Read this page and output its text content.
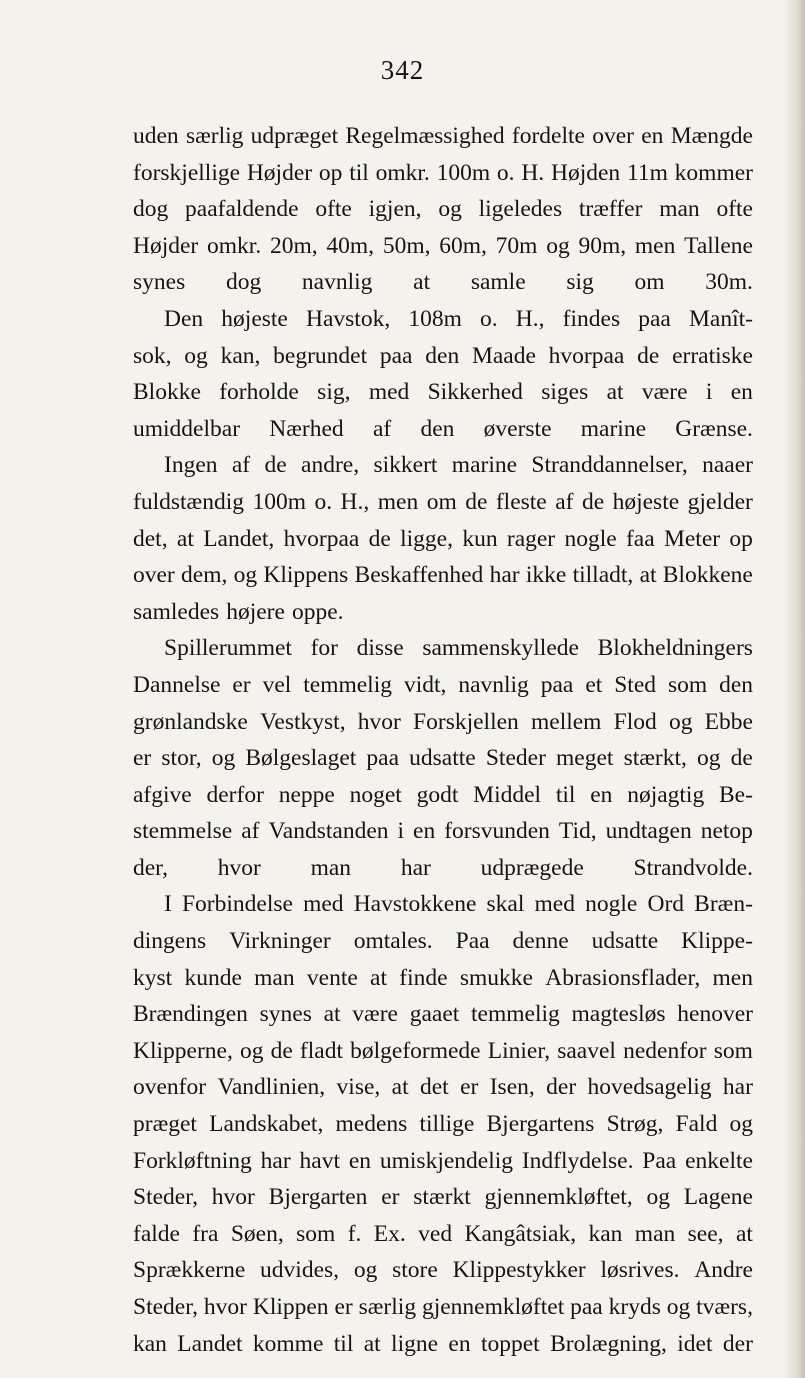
342
uden særlig udpræget Regelmæssighed fordelte over en Mængde
forskjellige Højder op til omkr. 100m o. H. Højden 11m kommer
dog paafaldende ofte igjen, og ligeledes træffer man ofte
Højder omkr. 20m, 40m, 50m, 60m, 70m og 90m, men Tallene
synes dog navnlig at samle sig om 30m.
Den højeste Havstok, 108m o. H., findes paa Manît-
sok, og kan, begrundet paa den Maade hvorpaa de erratiske
Blokke forholde sig, med Sikkerhed siges at være i en
umiddelbar Nærhed af den øverste marine Grænse.
Ingen af de andre, sikkert marine Stranddannelser, naaer
fuldstændig 100m o. H., men om de fleste af de højeste gjelder
det, at Landet, hvorpaa de ligge, kun rager nogle faa Meter op
over dem, og Klippens Beskaffenhed har ikke tilladt, at Blokkene
samledes højere oppe.
Spillerummet for disse sammenskyllede Blokheldningers
Dannelse er vel temmelig vidt, navnlig paa et Sted som den
grønlandske Vestkyst, hvor Forskjellen mellem Flod og Ebbe
er stor, og Bølgeslaget paa udsatte Steder meget stærkt, og de
afgive derfor neppe noget godt Middel til en nøjagtig Be-
stemmelse af Vandstanden i en forsvunden Tid, undtagen netop
der, hvor man har udprægede Strandvolde.
I Forbindelse med Havstokkene skal med nogle Ord Bræn-
dingens Virkninger omtales. Paa denne udsatte Klippe-
kyst kunde man vente at finde smukke Abrasionsflader, men
Brændingen synes at være gaaet temmelig magtesløs henover
Klipperne, og de fladt bølgeformede Linier, saavel nedenfor som
ovenfor Vandlinien, vise, at det er Isen, der hovedsagelig har
præget Landskabet, medens tillige Bjergartens Strøg, Fald og
Forkløftning har havt en umiskjendelig Indflydelse. Paa enkelte
Steder, hvor Bjergarten er stærkt gjennemkløftet, og Lagene
falde fra Søen, som f. Ex. ved Kangâtsiak, kan man see, at
Sprækkerne udvides, og store Klippestykker løsrives. Andre
Steder, hvor Klippen er særlig gjennemkløftet paa kryds og tværs,
kan Landet komme til at ligne en toppet Brolægning, idet der
